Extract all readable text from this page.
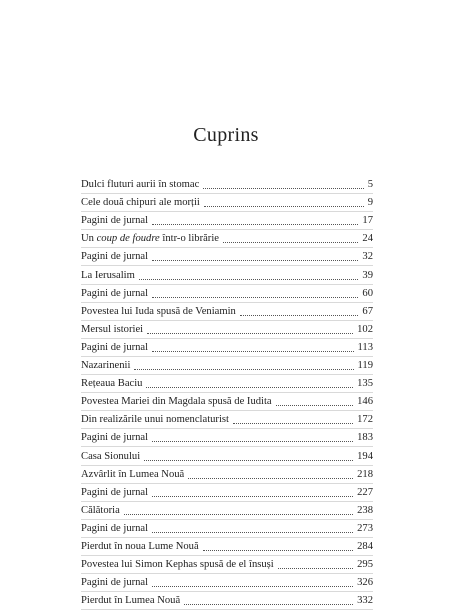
Cuprins
Dulci fluturi aurii în stomac	5
Cele două chipuri ale morții	9
Pagini de jurnal	17
Un coup de foudre într-o librărie	24
Pagini de jurnal	32
La Ierusalim	39
Pagini de jurnal	60
Povestea lui Iuda spusă de Veniamin	67
Mersul istoriei	102
Pagini de jurnal	113
Nazarinenii	119
Rețeaua Baciu	135
Povestea Mariei din Magdala spusă de Iudita	146
Din realizările unui nomenclaturist	172
Pagini de jurnal	183
Casa Sionului	194
Azvârlit în Lumea Nouă	218
Pagini de jurnal	227
Călătoria	238
Pagini de jurnal	273
Pierdut în noua Lume Nouă	284
Povestea lui Simon Kephas spusă de el însuși	295
Pagini de jurnal	326
Pierdut în Lumea Nouă	332
